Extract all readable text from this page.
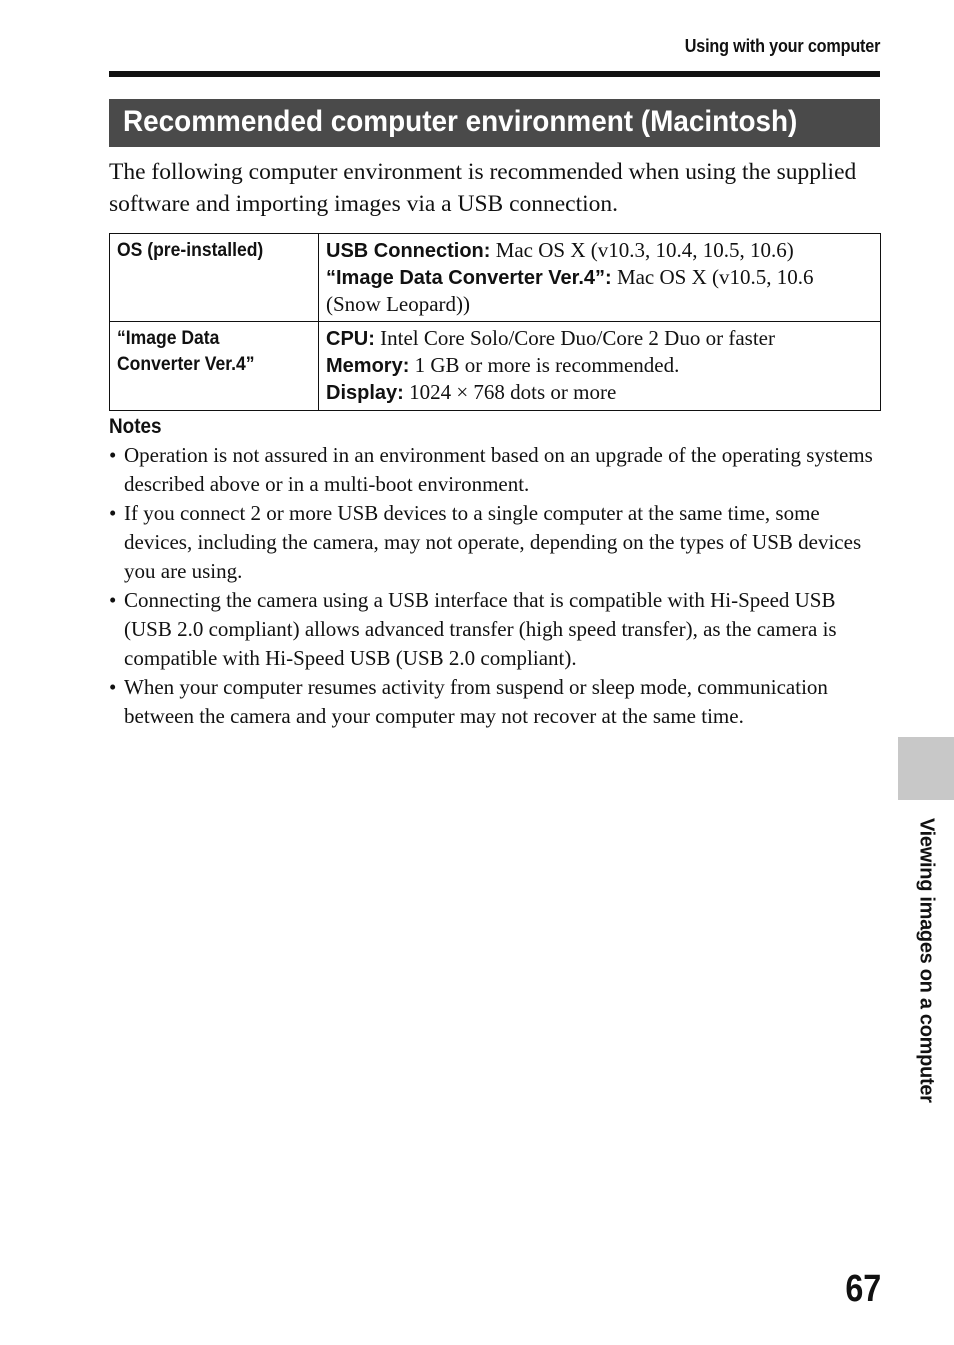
Using with your computer
Recommended computer environment (Macintosh)

The following computer environment is recommended when using the supplied software and importing images via a USB connection.

OS (pre-installed)	USB Connection: Mac OS X (v10.3, 10.4, 10.5, 10.6)
“Image Data Converter Ver.4”: Mac OS X (v10.5, 10.6 (Snow Leopard))
“Image Data
Converter Ver.4”	CPU: Intel Core Solo/Core Duo/Core 2 Duo or faster
Memory: 1 GB or more is recommended.
Display: 1024 × 768 dots or more
Notes
• Operation is not assured in an environment based on an upgrade of the operating systems described above or in a multi-boot environment.
• If you connect 2 or more USB devices to a single computer at the same time, some devices, including the camera, may not operate, depending on the types of USB devices you are using.
• Connecting the camera using a USB interface that is compatible with Hi-Speed USB (USB 2.0 compliant) allows advanced transfer (high speed transfer), as the camera is compatible with Hi-Speed USB (USB 2.0 compliant).
• When your computer resumes activity from suspend or sleep mode, communication between the camera and your computer may not recover at the same time.
Viewing images on a computer
67
